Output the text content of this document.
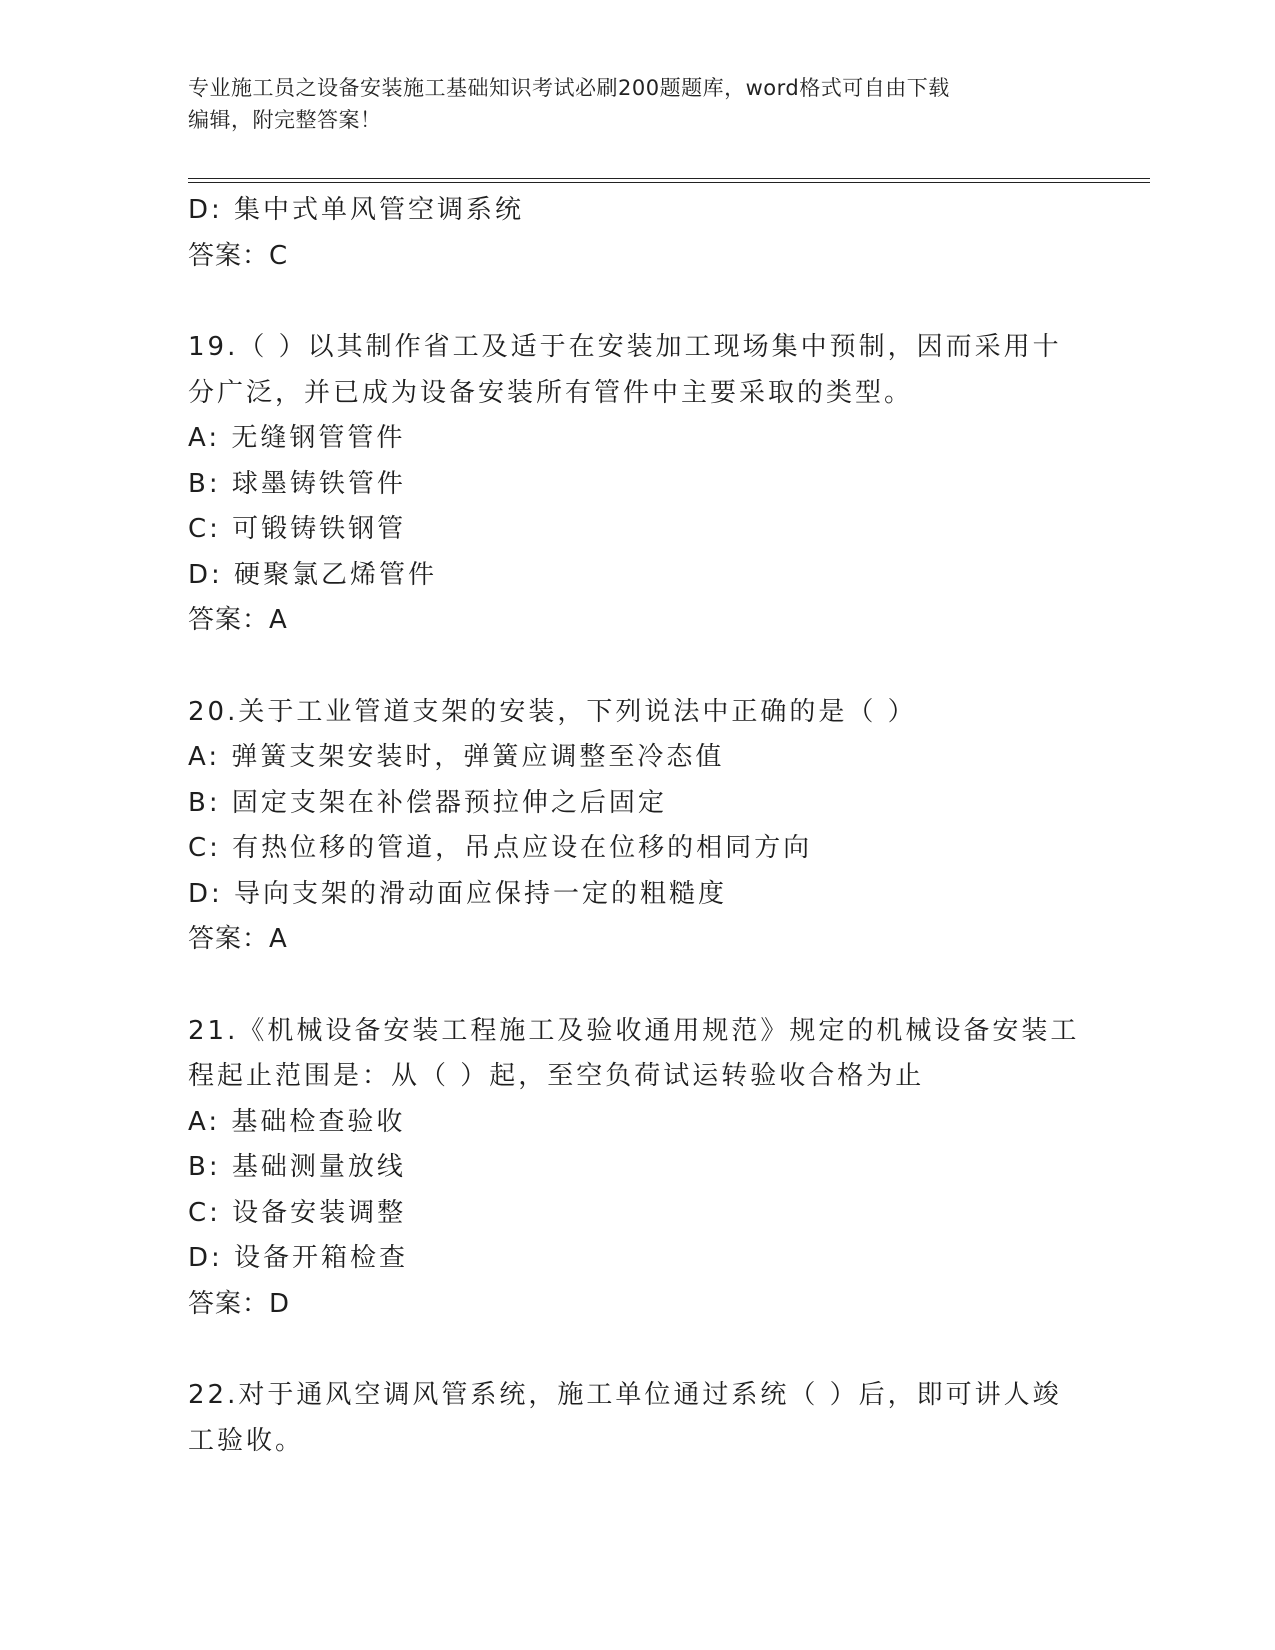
专业施工员之设备安装施工基础知识考试必刷200题题库，word格式可自由下载
编辑，附完整答案！
D: 集中式单风管空调系统
答案：C
19.（ ）以其制作省工及适于在安装加工现场集中预制，因而采用十
分广泛，并已成为设备安装所有管件中主要采取的类型。
A: 无缝钢管管件
B: 球墨铸铁管件
C: 可锻铸铁钢管
D: 硬聚氯乙烯管件
答案：A
20.关于工业管道支架的安装，下列说法中正确的是（ ）
A: 弹簧支架安装时，弹簧应调整至冷态值
B: 固定支架在补偿器预拉伸之后固定
C: 有热位移的管道，吊点应设在位移的相同方向
D: 导向支架的滑动面应保持一定的粗糙度
答案：A
21.《机械设备安装工程施工及验收通用规范》规定的机械设备安装工
程起止范围是：从（ ）起，至空负荷试运转验收合格为止
A: 基础检查验收
B: 基础测量放线
C: 设备安装调整
D: 设备开箱检查
答案：D
22.对于通风空调风管系统，施工单位通过系统（ ）后，即可讲人竣
工验收。
